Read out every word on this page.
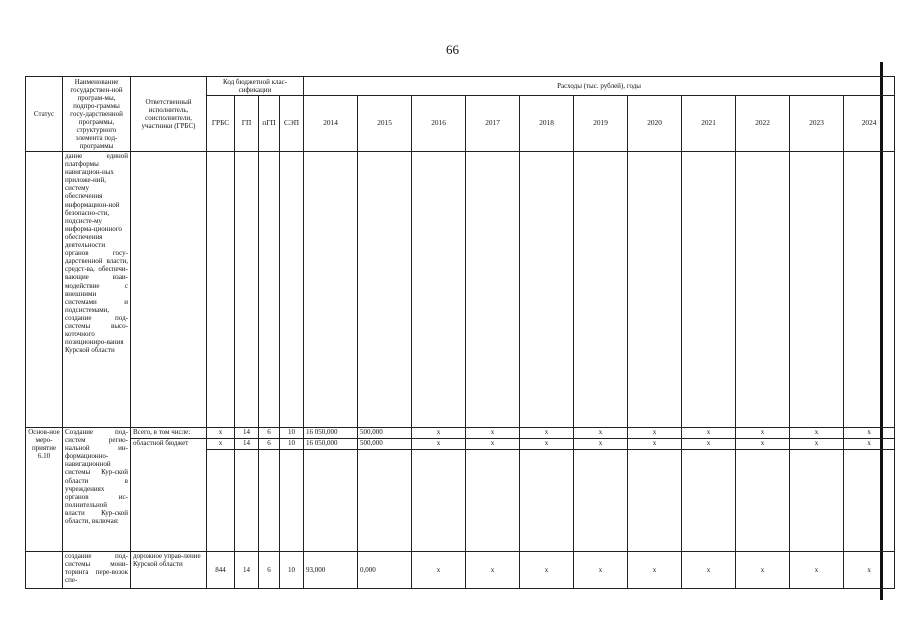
66
Статус	Наименование государствен-ной програм-мы, подпро-граммы госу-дарственной программы, структурного элемента под-программы	Ответственный исполнитель, соисполнители, участники (ГРБС)	Код бюджетной клас-сификации				Расходы (тыс. рублей), годы										
			ГРБС	ГП	пГП	СЭП	2014	2015	2016	2017	2018	2019	2020	2021	2022	2023	2024
	дание единой платформы навигацион-ных приложе-ний, систему обеспечения информацион-ной безопасно-сти, подсисте-му информа-ционного обеспечения деятельности органов госу-дарственной власти, средст-ва, обеспечи-вающие взаи-модействие с внешними системами и подсистемами, создание под-системы высо-коточного позициониро-вания Курской области																
Основ-ное меро-приятие 6.10	Создание под-систем регио-нальной ин-формационно-навигационной системы Кур-ской области в учреждениях органов ис-полнительной власти Кур-ской области, включая:	Всего, в том числе:	х	14	6	10	16 050,000	500,000	х	х	х	х	х	х	х	х	х
		областной бюджет	х	14	6	10	16 050,000	500,000	х	х	х	х	х	х	х	х	х

	создание под-системы мони-торинга пере-возок спе-	дорожное управ-ление Курской области	844	14	6	10	93,000	0,000	х	х	х	х	х	х	х	х	х
